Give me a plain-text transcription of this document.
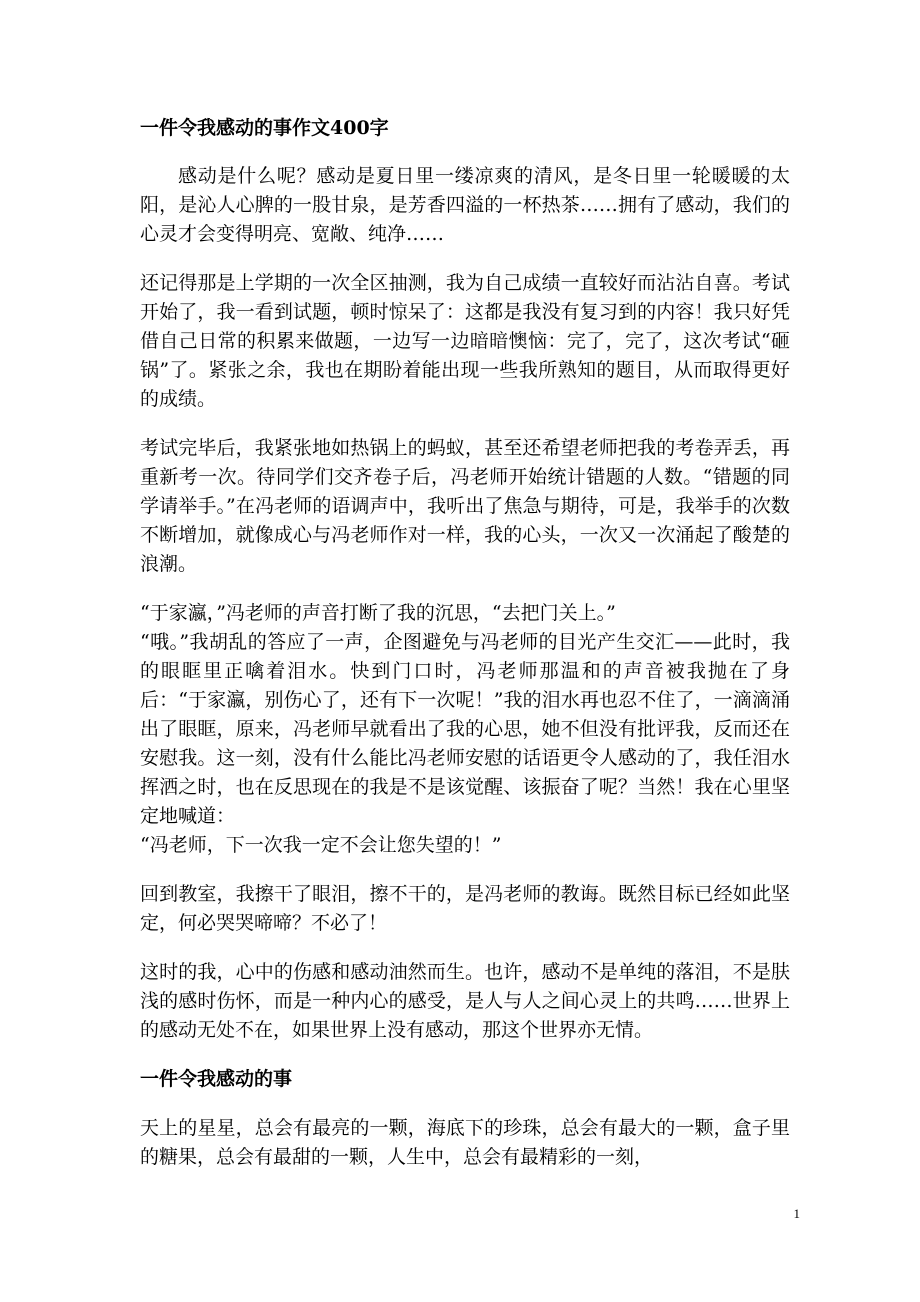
一件令我感动的事作文400字

感动是什么呢？感动是夏日里一缕凉爽的清风，是冬日里一轮暖暖的太阳，是沁人心脾的一股甘泉，是芳香四溢的一杯热茶……拥有了感动，我们的心灵才会变得明亮、宽敞、纯净……

还记得那是上学期的一次全区抽测，我为自己成绩一直较好而沾沾自喜。考试开始了，我一看到试题，顿时惊呆了：这都是我没有复习到的内容！我只好凭借自己日常的积累来做题，一边写一边暗暗懊恼：完了，完了，这次考试“砸锅”了。紧张之余，我也在期盼着能出现一些我所熟知的题目，从而取得更好的成绩。

考试完毕后，我紧张地如热锅上的蚂蚁，甚至还希望老师把我的考卷弄丢，再重新考一次。待同学们交齐卷子后，冯老师开始统计错题的人数。“错题的同学请举手。”在冯老师的语调声中，我听出了焦急与期待，可是，我举手的次数不断增加，就像成心与冯老师作对一样，我的心头，一次又一次涌起了酸楚的浪潮。

“于家瀛，”冯老师的声音打断了我的沉思，“去把门关上。”

“哦。”我胡乱的答应了一声，企图避免与冯老师的目光产生交汇——此时，我的眼眶里正噙着泪水。快到门口时，冯老师那温和的声音被我抛在了身后：“于家瀛，别伤心了，还有下一次呢！”我的泪水再也忍不住了，一滴滴涌出了眼眶，原来，冯老师早就看出了我的心思，她不但没有批评我，反而还在安慰我。这一刻，没有什么能比冯老师安慰的话语更令人感动的了，我任泪水挥洒之时，也在反思现在的我是不是该觉醒、该振奋了呢？当然！我在心里坚定地喊道：

“冯老师，下一次我一定不会让您失望的！”

回到教室，我擦干了眼泪，擦不干的，是冯老师的教诲。既然目标已经如此坚定，何必哭哭啼啼？不必了！

这时的我，心中的伤感和感动油然而生。也许，感动不是单纯的落泪，不是肤浅的感时伤怀，而是一种内心的感受，是人与人之间心灵上的共鸣……世界上的感动无处不在，如果世界上没有感动，那这个世界亦无情。

一件令我感动的事

天上的星星，总会有最亮的一颗，海底下的珍珠，总会有最大的一颗，盒子里的糖果，总会有最甜的一颗，人生中，总会有最精彩的一刻，

1
